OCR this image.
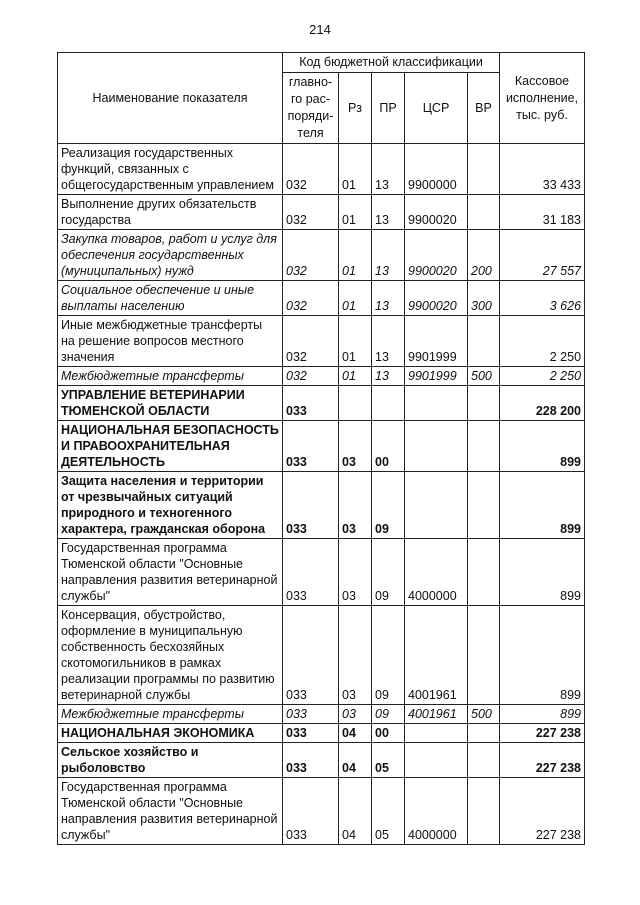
214
Наименование показателя	Код бюджетной классификации					Кассовое исполнение, тыс. руб.
	главно-го рас-поряди-теля	Рз	ПР	ЦСР	ВР	
Реализация государственных функций, связанных с общегосударственным управлением	032	01	13	9900000		33 433
Выполнение других обязательств государства	032	01	13	9900020		31 183
Закупка товаров, работ и услуг для обеспечения государственных (муниципальных) нужд	032	01	13	9900020	200	27 557
Социальное обеспечение и иные выплаты населению	032	01	13	9900020	300	3 626
Иные межбюджетные трансферты на решение вопросов местного значения	032	01	13	9901999		2 250
Межбюджетные трансферты	032	01	13	9901999	500	2 250
УПРАВЛЕНИЕ ВЕТЕРИНАРИИ ТЮМЕНСКОЙ ОБЛАСТИ	033					228 200
НАЦИОНАЛЬНАЯ БЕЗОПАСНОСТЬ И ПРАВООХРАНИТЕЛЬНАЯ ДЕЯТЕЛЬНОСТЬ	033	03	00			899
Защита населения и территории от чрезвычайных ситуаций природного и техногенного характера, гражданская оборона	033	03	09			899
Государственная программа Тюменской области "Основные направления развития ветеринарной службы"	033	03	09	4000000		899
Консервация, обустройство, оформление в муниципальную собственность бесхозяйных скотомогильников в рамках реализации программы по развитию ветеринарной службы	033	03	09	4001961		899
Межбюджетные трансферты	033	03	09	4001961	500	899
НАЦИОНАЛЬНАЯ ЭКОНОМИКА	033	04	00			227 238
Сельское хозяйство и рыболовство	033	04	05			227 238
Государственная программа Тюменской области "Основные направления развития ветеринарной службы"	033	04	05	4000000		227 238
